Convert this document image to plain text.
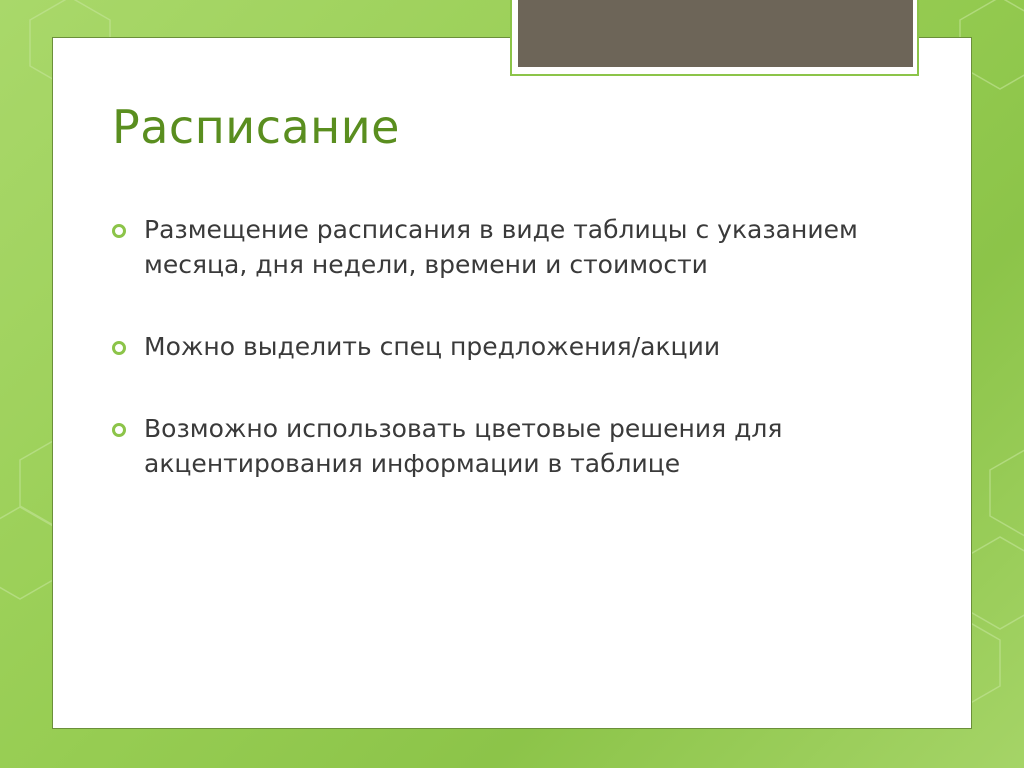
Расписание
Размещение расписания в виде таблицы с указанием месяца, дня недели, времени и стоимости
Можно выделить спец предложения/акции
Возможно использовать цветовые решения для акцентирования информации в таблице
